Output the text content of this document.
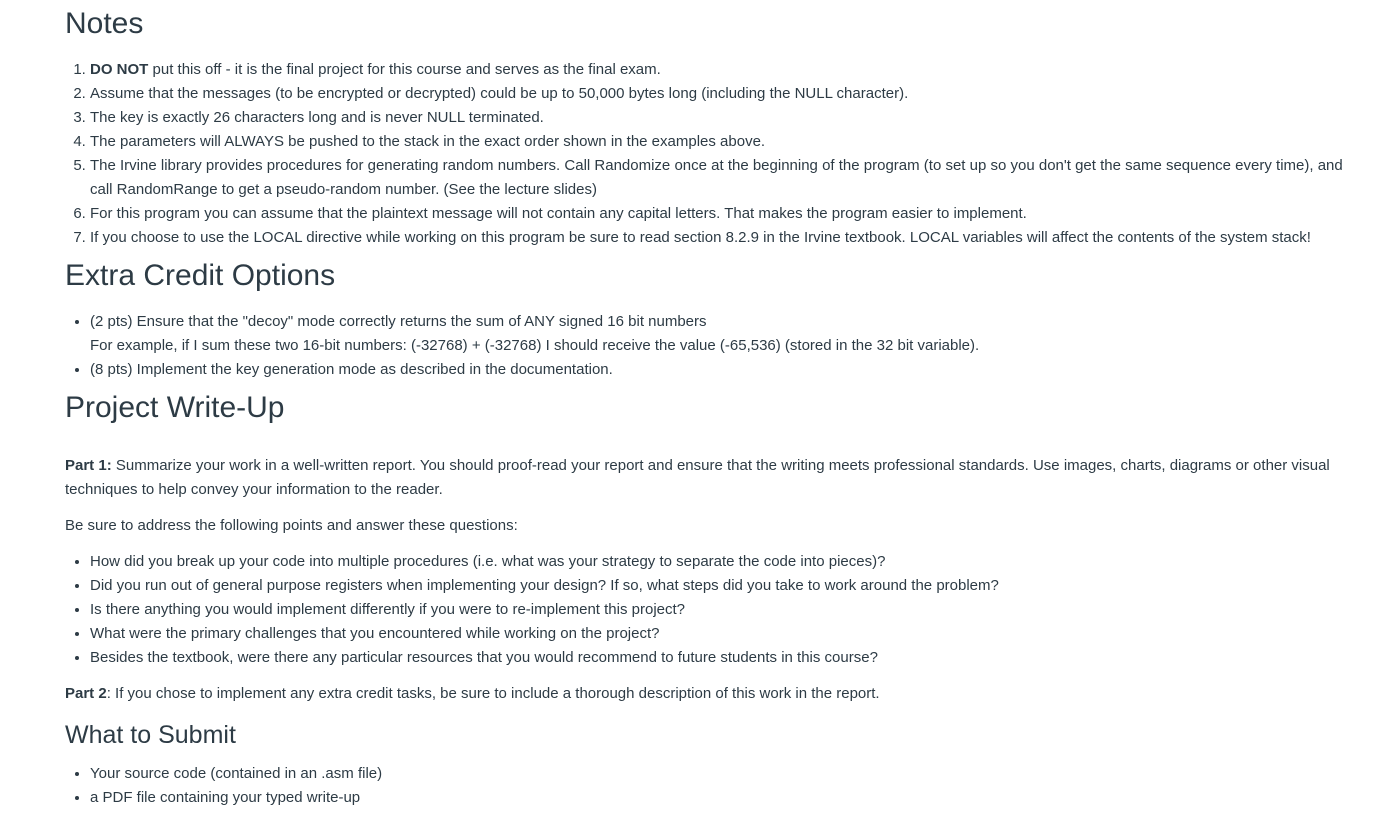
Notes
1. DO NOT put this off - it is the final project for this course and serves as the final exam.
2. Assume that the messages (to be encrypted or decrypted) could be up to 50,000 bytes long (including the NULL character).
3. The key is exactly 26 characters long and is never NULL terminated.
4. The parameters will ALWAYS be pushed to the stack in the exact order shown in the examples above.
5. The Irvine library provides procedures for generating random numbers. Call Randomize once at the beginning of the program (to set up so you don't get the same sequence every time), and call RandomRange to get a pseudo-random number. (See the lecture slides)
6. For this program you can assume that the plaintext message will not contain any capital letters. That makes the program easier to implement.
7. If you choose to use the LOCAL directive while working on this program be sure to read section 8.2.9 in the Irvine textbook. LOCAL variables will affect the contents of the system stack!
Extra Credit Options
• (2 pts) Ensure that the "decoy" mode correctly returns the sum of ANY signed 16 bit numbers
For example, if I sum these two 16-bit numbers: (-32768) + (-32768) I should receive the value (-65,536) (stored in the 32 bit variable).
• (8 pts) Implement the key generation mode as described in the documentation.
Project Write-Up

Part 1: Summarize your work in a well-written report. You should proof-read your report and ensure that the writing meets professional standards. Use images, charts, diagrams or other visual techniques to help convey your information to the reader.

Be sure to address the following points and answer these questions:

• How did you break up your code into multiple procedures (i.e. what was your strategy to separate the code into pieces)?
• Did you run out of general purpose registers when implementing your design? If so, what steps did you take to work around the problem?
• Is there anything you would implement differently if you were to re-implement this project?
• What were the primary challenges that you encountered while working on the project?
• Besides the textbook, were there any particular resources that you would recommend to future students in this course?

Part 2: If you chose to implement any extra credit tasks, be sure to include a thorough description of this work in the report.

What to Submit
• Your source code (contained in an .asm file)
• a PDF file containing your typed write-up
